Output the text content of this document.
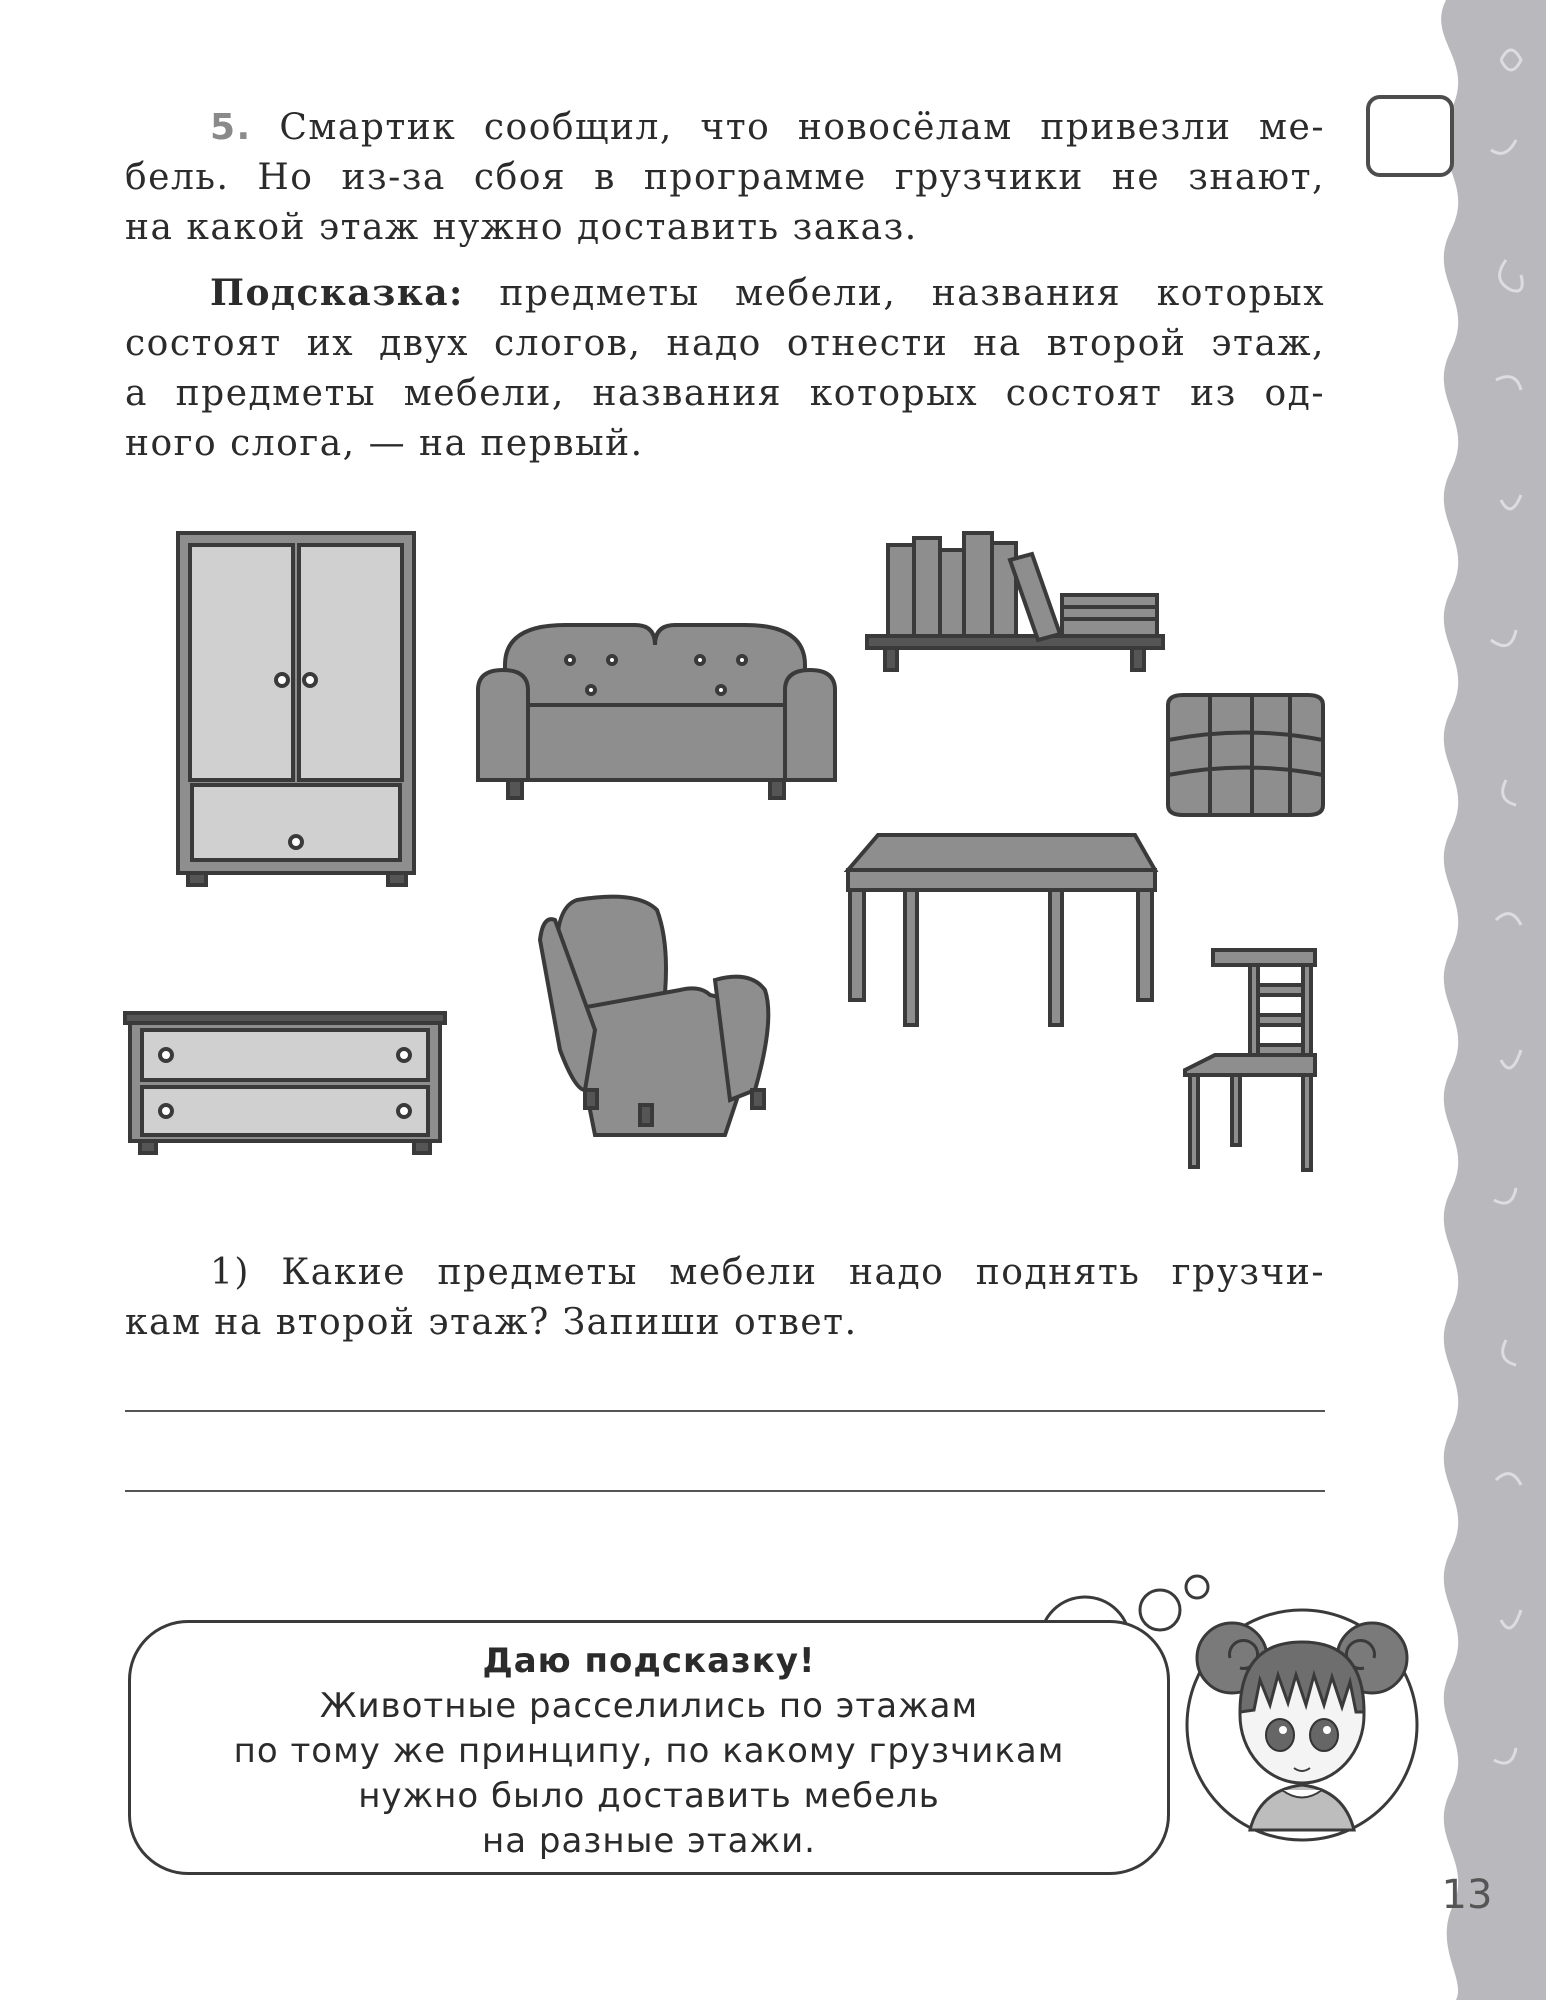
5. Смартик сообщил, что новосёлам привезли ме-
бель. Но из-за сбоя в программе грузчики не знают,
на какой этаж нужно доставить заказ.
Подсказка: предметы мебели, названия которых
состоят их двух слогов, надо отнести на второй этаж,
а предметы мебели, названия которых состоят из од-
ного слога, — на первый.
1) Какие предметы мебели надо поднять грузчи-
кам на второй этаж? Запиши ответ.
Даю подсказку!
Животные расселились по этажам
по тому же принципу, по какому грузчикам
нужно было доставить мебель
на разные этажи.
13
